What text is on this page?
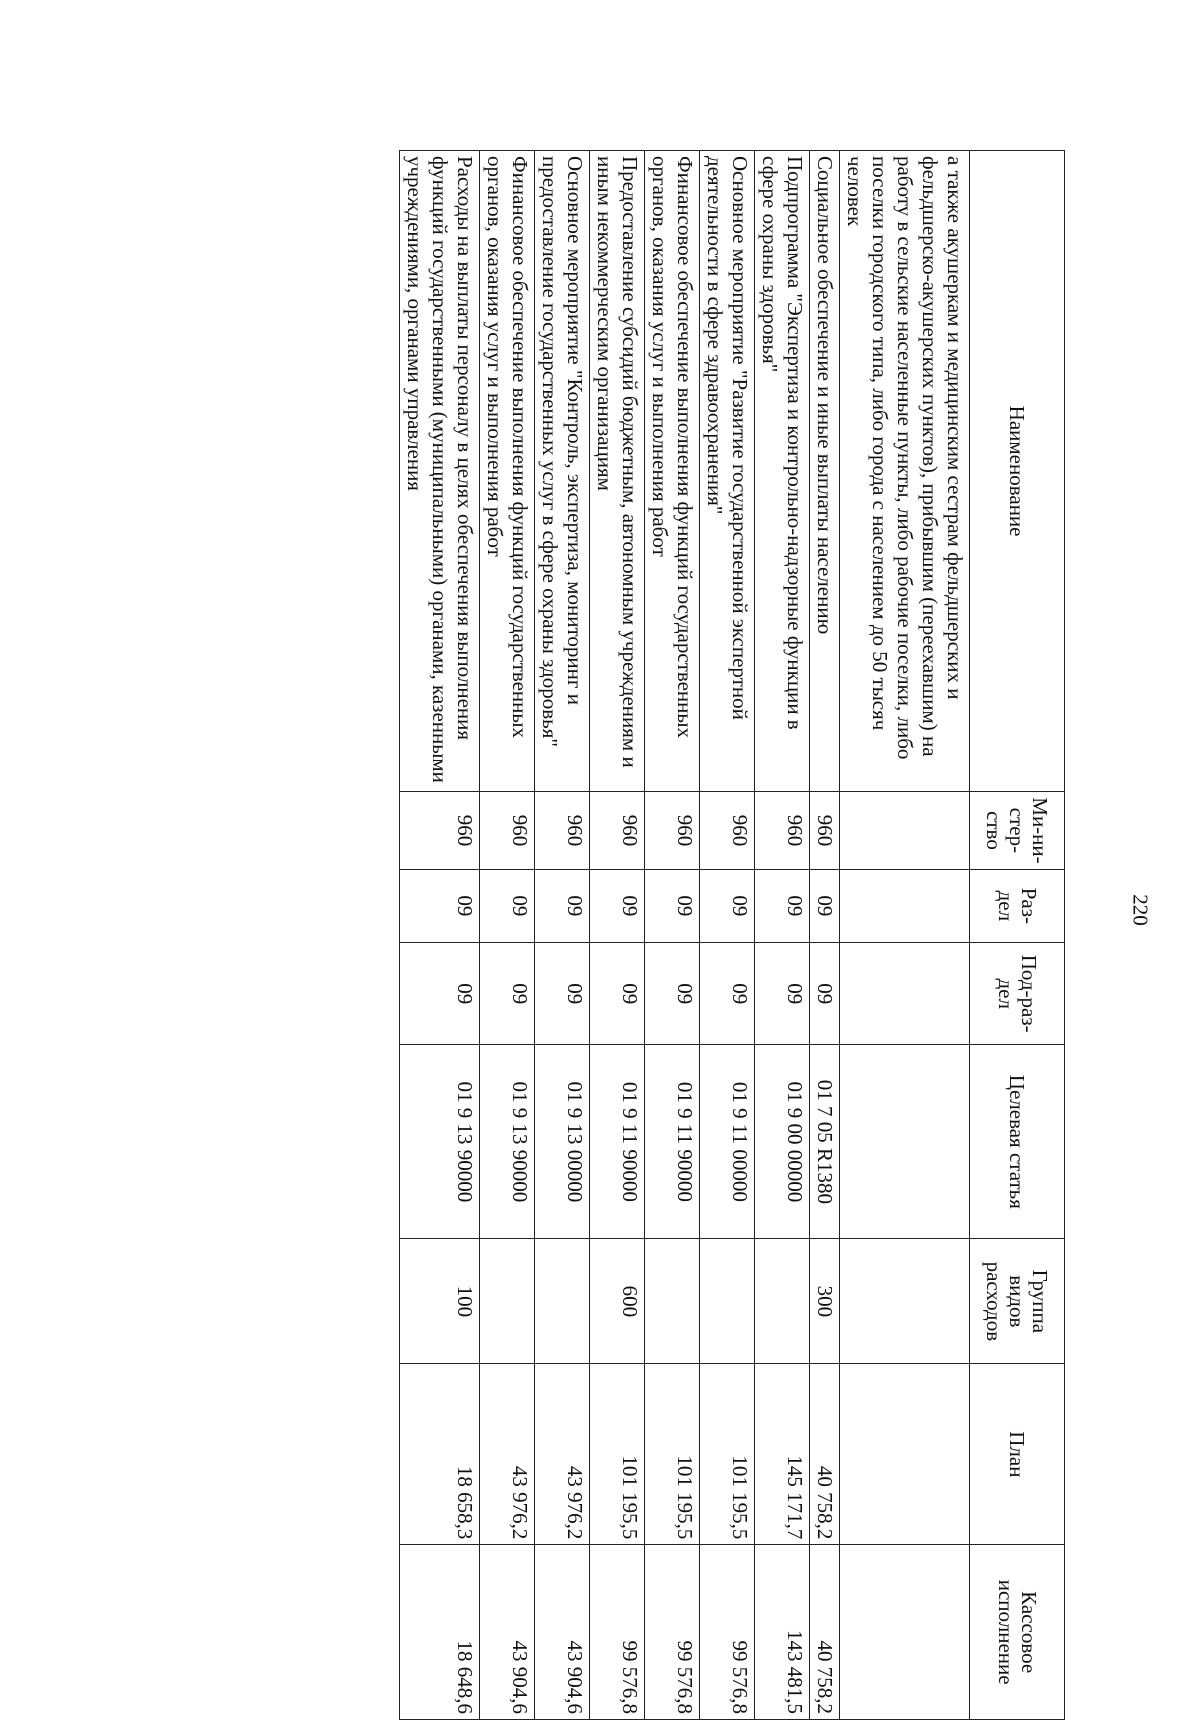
220
Наименование	Ми-ни-стер-ство	Раз-дел	Под-раз-дел	Целевая статья	Группа видов расходов	План	Кассовое исполнение
а также акушеркам и медицинским сестрам фельдшерских и фельдшерско-акушерских пунктов), прибывшим (переехавшим) на работу в сельские населенные пункты, либо рабочие поселки, либо поселки городского типа, либо города с населением до 50 тысяч человек							
Социальное обеспечение и иные выплаты населению	960	09	09	01 7 05 R1380	300	40 758,2	40 758,2
Подпрограмма "Экспертиза и контрольно-надзорные функции в сфере охраны здоровья"	960	09	09	01 9 00 00000		145 171,7	143 481,5
Основное мероприятие "Развитие государственной экспертной деятельности в сфере здравоохранения"	960	09	09	01 9 11 00000		101 195,5	99 576,8
Финансовое обеспечение выполнения функций государственных органов, оказания услуг и выполнения работ	960	09	09	01 9 11 90000		101 195,5	99 576,8
Предоставление субсидий бюджетным, автономным учреждениям и иным некоммерческим организациям	960	09	09	01 9 11 90000	600	101 195,5	99 576,8
Основное мероприятие "Контроль, экспертиза, мониторинг и предоставление государственных услуг в сфере охраны здоровья"	960	09	09	01 9 13 00000		43 976,2	43 904,6
Финансовое обеспечение выполнения функций государственных органов, оказания услуг и выполнения работ	960	09	09	01 9 13 90000		43 976,2	43 904,6
Расходы на выплаты персоналу в целях обеспечения выполнения функций государственными (муниципальными) органами, казенными учреждениями, органами управления	960	09	09	01 9 13 90000	100	18 658,3	18 648,6
